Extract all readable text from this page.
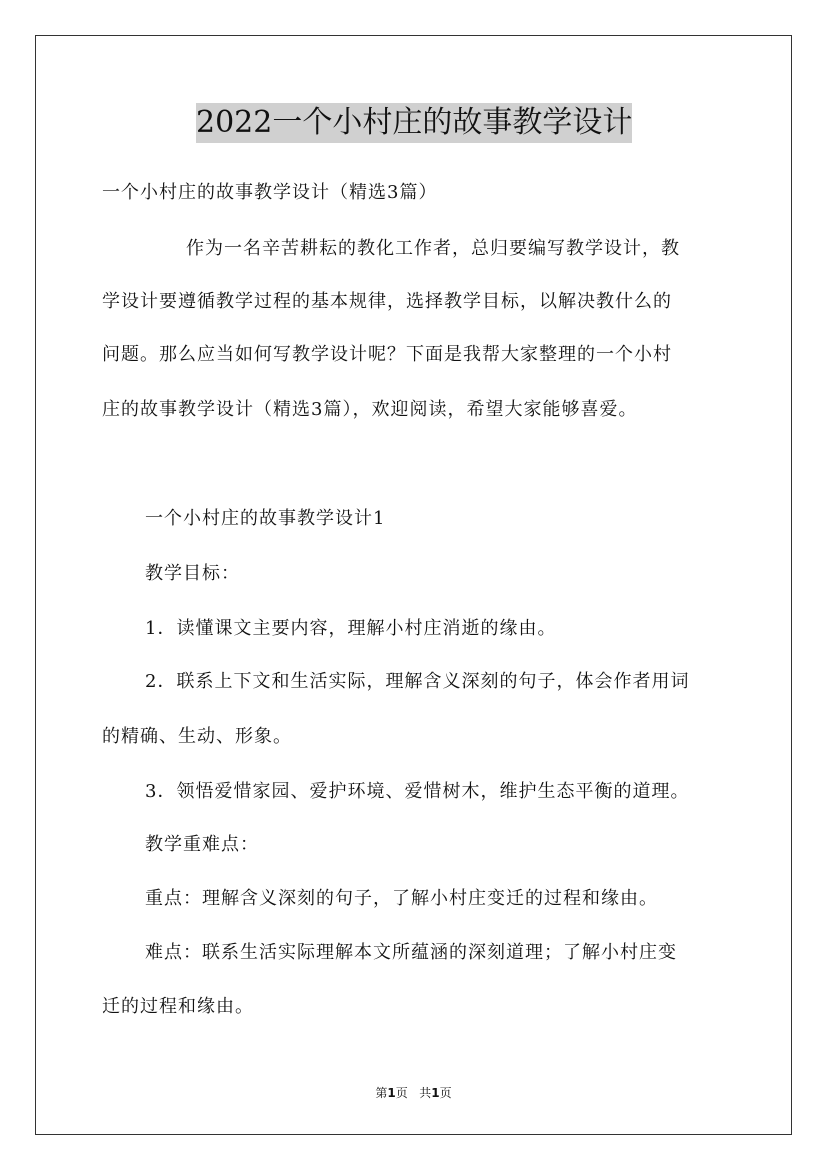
2022一个小村庄的故事教学设计
一个小村庄的故事教学设计（精选3篇）
作为一名辛苦耕耘的教化工作者，总归要编写教学设计，教
学设计要遵循教学过程的基本规律，选择教学目标，以解决教什么的
问题。那么应当如何写教学设计呢？下面是我帮大家整理的一个小村
庄的故事教学设计（精选3篇），欢迎阅读，希望大家能够喜爱。
一个小村庄的故事教学设计1
教学目标：
1．读懂课文主要内容，理解小村庄消逝的缘由。
2．联系上下文和生活实际，理解含义深刻的句子，体会作者用词
的精确、生动、形象。
3．领悟爱惜家园、爱护环境、爱惜树木，维护生态平衡的道理。
教学重难点：
重点：理解含义深刻的句子，了解小村庄变迁的过程和缘由。
难点：联系生活实际理解本文所蕴涵的深刻道理；了解小村庄变
迁的过程和缘由。
第1页   共1页
